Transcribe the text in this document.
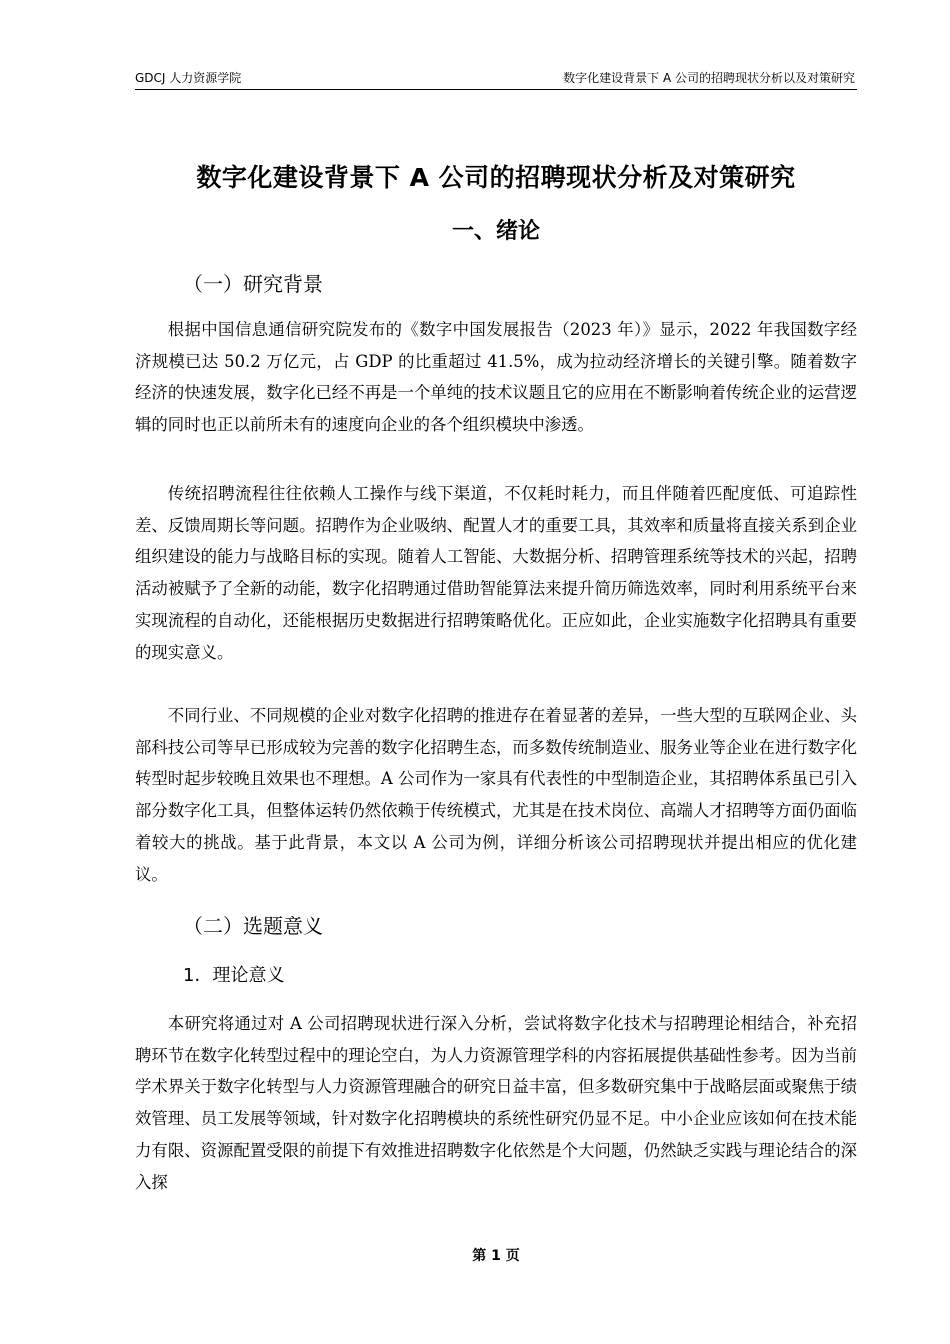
GDCJ 人力资源学院	数字化建设背景下 A 公司的招聘现状分析以及对策研究
数字化建设背景下 A 公司的招聘现状分析及对策研究
一、绪论
（一）研究背景

根据中国信息通信研究院发布的《数字中国发展报告（2023 年）》显示，2022 年我国数字经济规模已达 50.2 万亿元，占 GDP 的比重超过 41.5%，成为拉动经济增长的关键引擎。随着数字经济的快速发展，数字化已经不再是一个单纯的技术议题且它的应用在不断影响着传统企业的运营逻辑的同时也正以前所未有的速度向企业的各个组织模块中渗透。

传统招聘流程往往依赖人工操作与线下渠道，不仅耗时耗力，而且伴随着匹配度低、可追踪性差、反馈周期长等问题。招聘作为企业吸纳、配置人才的重要工具，其效率和质量将直接关系到企业组织建设的能力与战略目标的实现。随着人工智能、大数据分析、招聘管理系统等技术的兴起，招聘活动被赋予了全新的动能，数字化招聘通过借助智能算法来提升简历筛选效率，同时利用系统平台来实现流程的自动化，还能根据历史数据进行招聘策略优化。正应如此，企业实施数字化招聘具有重要的现实意义。

不同行业、不同规模的企业对数字化招聘的推进存在着显著的差异，一些大型的互联网企业、头部科技公司等早已形成较为完善的数字化招聘生态，而多数传统制造业、服务业等企业在进行数字化转型时起步较晚且效果也不理想。A 公司作为一家具有代表性的中型制造企业，其招聘体系虽已引入部分数字化工具，但整体运转仍然依赖于传统模式，尤其是在技术岗位、高端人才招聘等方面仍面临着较大的挑战。基于此背景，本文以 A 公司为例，详细分析该公司招聘现状并提出相应的优化建议。

（二）选题意义
1．理论意义

本研究将通过对 A 公司招聘现状进行深入分析，尝试将数字化技术与招聘理论相结合，补充招聘环节在数字化转型过程中的理论空白，为人力资源管理学科的内容拓展提供基础性参考。因为当前学术界关于数字化转型与人力资源管理融合的研究日益丰富，但多数研究集中于战略层面或聚焦于绩效管理、员工发展等领域，针对数字化招聘模块的系统性研究仍显不足。中小企业应该如何在技术能力有限、资源配置受限的前提下有效推进招聘数字化依然是个大问题，仍然缺乏实践与理论结合的深入探

第 1 页
